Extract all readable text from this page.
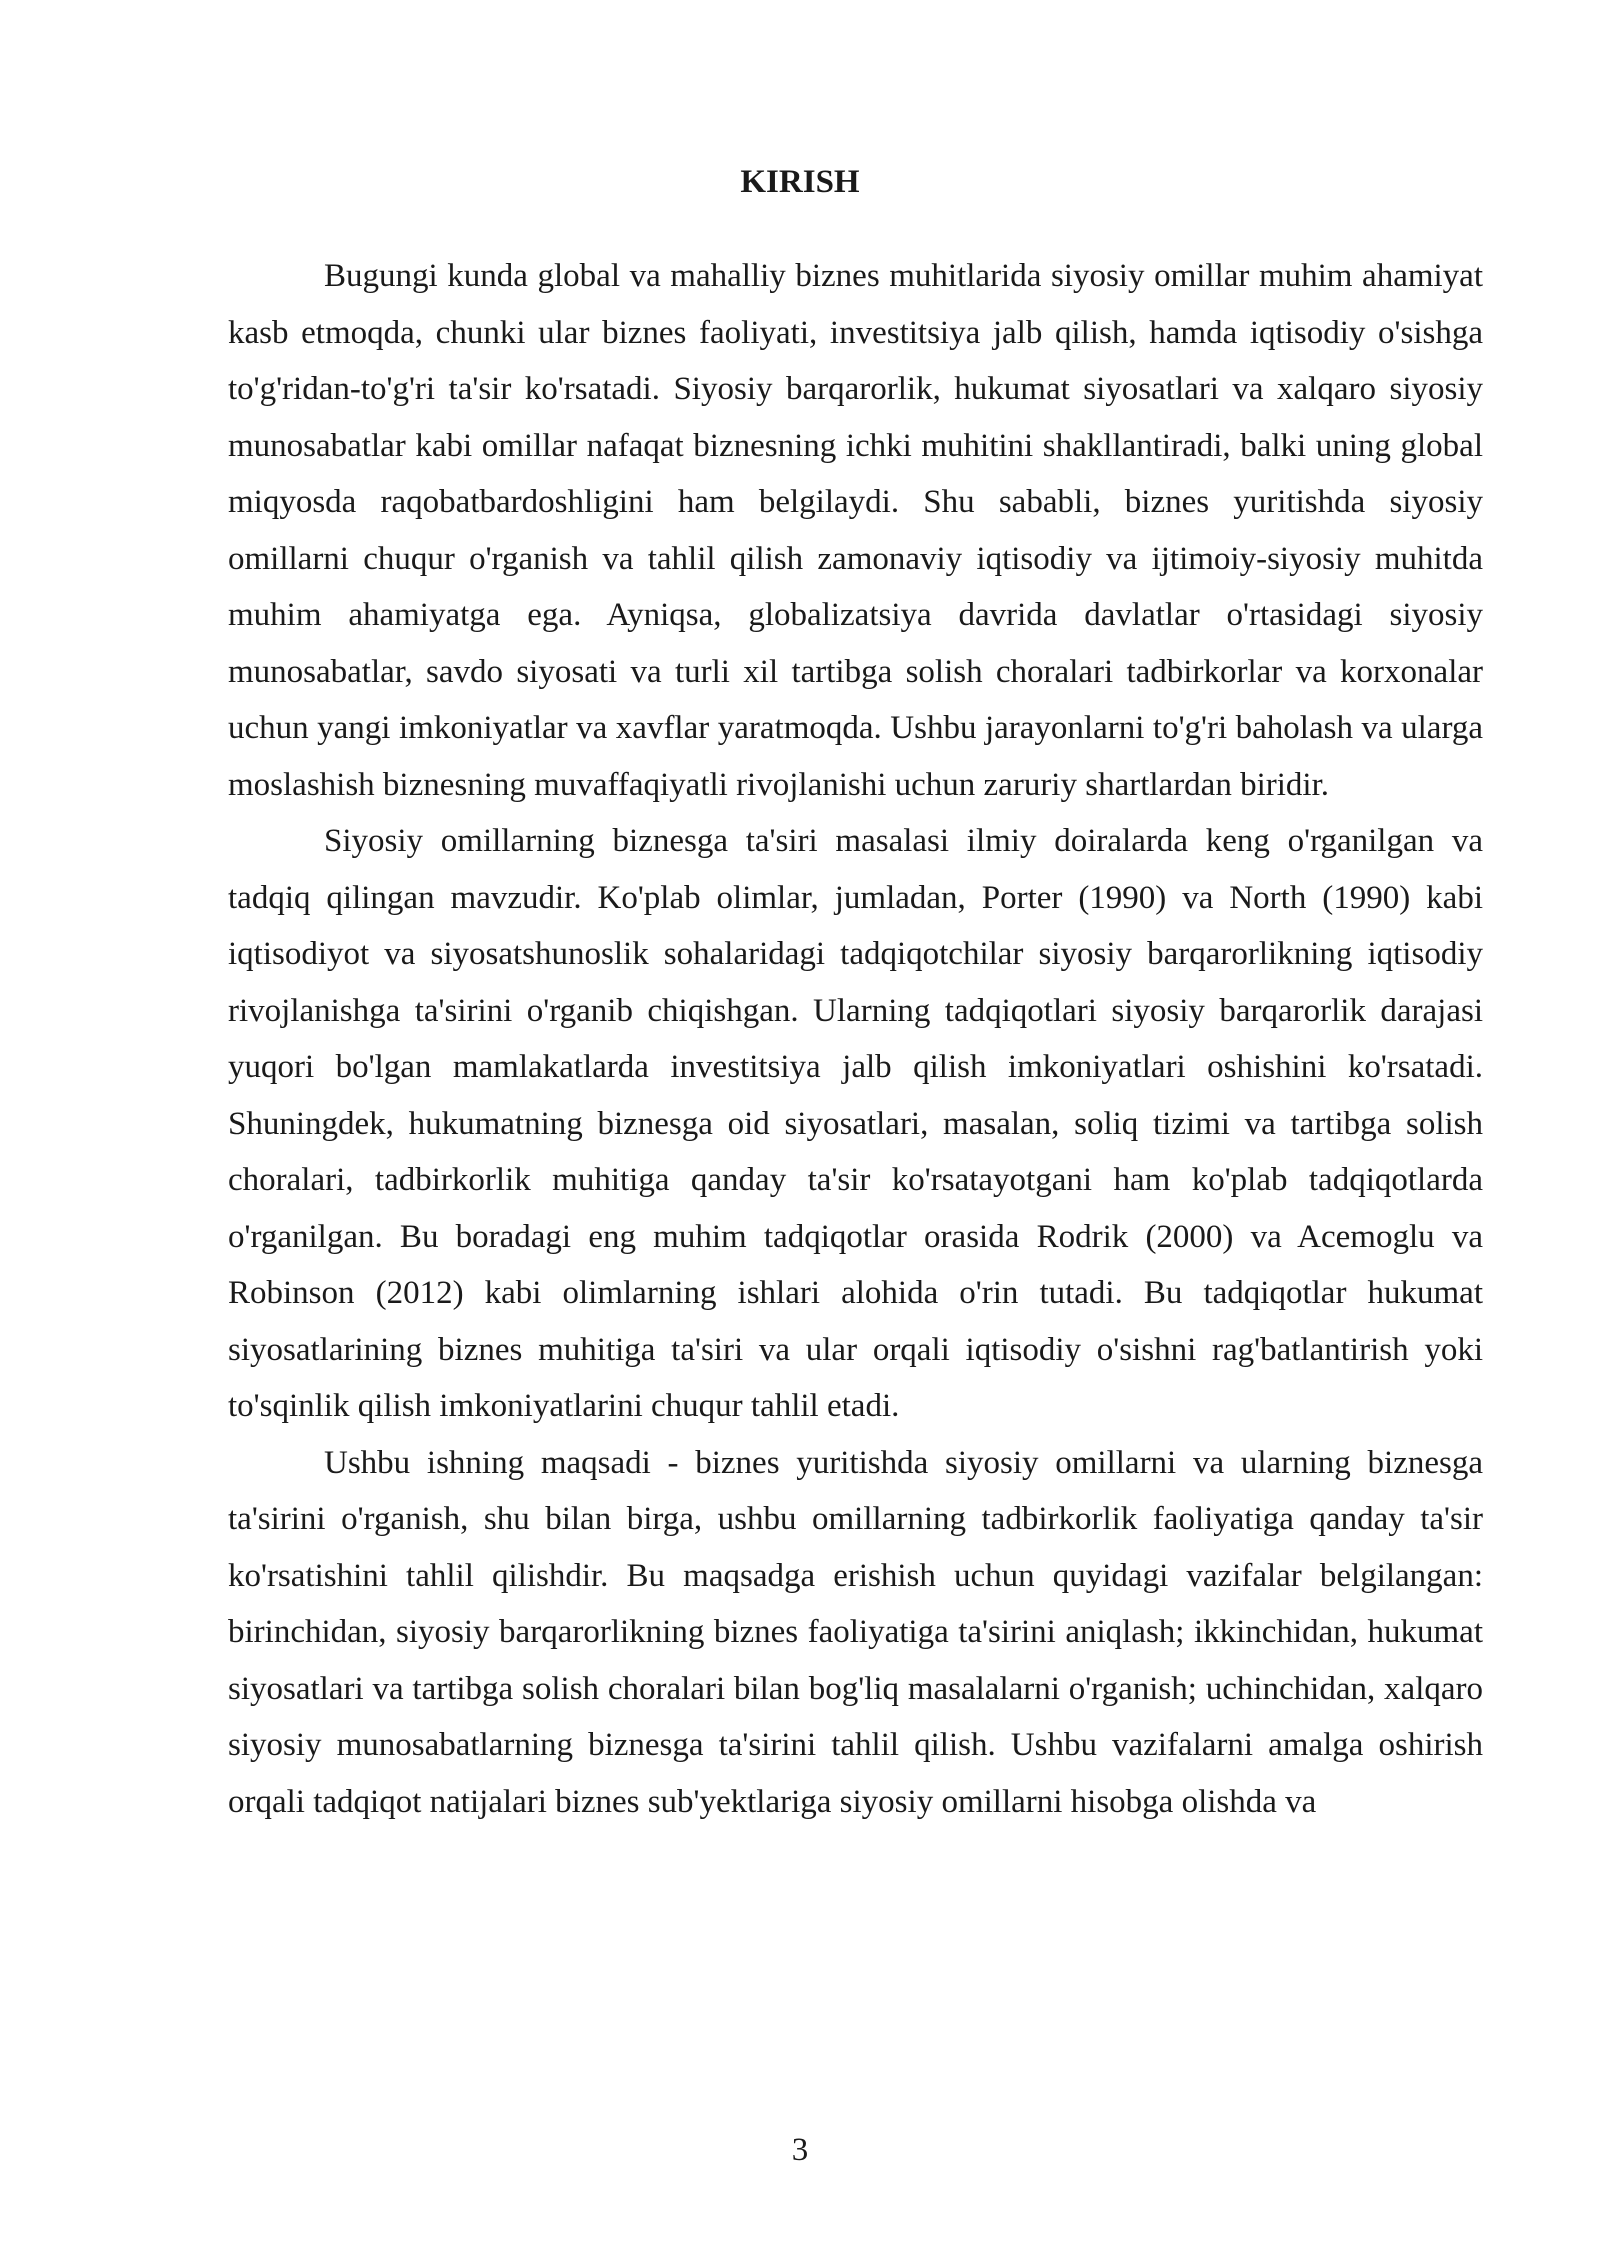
KIRISH

Bugungi kunda global va mahalliy biznes muhitlarida siyosiy omillar muhim ahamiyat kasb etmoqda, chunki ular biznes faoliyati, investitsiya jalb qilish, hamda iqtisodiy o'sishga to'g'ridan-to'g'ri ta'sir ko'rsatadi. Siyosiy barqarorlik, hukumat siyosatlari va xalqaro siyosiy munosabatlar kabi omillar nafaqat biznesning ichki muhitini shakllantiradi, balki uning global miqyosda raqobatbardoshligini ham belgilaydi. Shu sababli, biznes yuritishda siyosiy omillarni chuqur o'rganish va tahlil qilish zamonaviy iqtisodiy va ijtimoiy-siyosiy muhitda muhim ahamiyatga ega. Ayniqsa, globalizatsiya davrida davlatlar o'rtasidagi siyosiy munosabatlar, savdo siyosati va turli xil tartibga solish choralari tadbirkorlar va korxonalar uchun yangi imkoniyatlar va xavflar yaratmoqda. Ushbu jarayonlarni to'g'ri baholash va ularga moslashish biznesning muvaffaqiyatli rivojlanishi uchun zaruriy shartlardan biridir.

Siyosiy omillarning biznesga ta'siri masalasi ilmiy doiralarda keng o'rganilgan va tadqiq qilingan mavzudir. Ko'plab olimlar, jumladan, Porter (1990) va North (1990) kabi iqtisodiyot va siyosatshunoslik sohalaridagi tadqiqotchilar siyosiy barqarorlikning iqtisodiy rivojlanishga ta'sirini o'rganib chiqishgan. Ularning tadqiqotlari siyosiy barqarorlik darajasi yuqori bo'lgan mamlakatlarda investitsiya jalb qilish imkoniyatlari oshishini ko'rsatadi. Shuningdek, hukumatning biznesga oid siyosatlari, masalan, soliq tizimi va tartibga solish choralari, tadbirkorlik muhitiga qanday ta'sir ko'rsatayotgani ham ko'plab tadqiqotlarda o'rganilgan. Bu boradagi eng muhim tadqiqotlar orasida Rodrik (2000) va Acemoglu va Robinson (2012) kabi olimlarning ishlari alohida o'rin tutadi. Bu tadqiqotlar hukumat siyosatlarining biznes muhitiga ta'siri va ular orqali iqtisodiy o'sishni rag'batlantirish yoki to'sqinlik qilish imkoniyatlarini chuqur tahlil etadi.

Ushbu ishning maqsadi - biznes yuritishda siyosiy omillarni va ularning biznesga ta'sirini o'rganish, shu bilan birga, ushbu omillarning tadbirkorlik faoliyatiga qanday ta'sir ko'rsatishini tahlil qilishdir. Bu maqsadga erishish uchun quyidagi vazifalar belgilangan: birinchidan, siyosiy barqarorlikning biznes faoliyatiga ta'sirini aniqlash; ikkinchidan, hukumat siyosatlari va tartibga solish choralari bilan bog'liq masalalarni o'rganish; uchinchidan, xalqaro siyosiy munosabatlarning biznesga ta'sirini tahlil qilish. Ushbu vazifalarni amalga oshirish orqali tadqiqot natijalari biznes sub'yektlariga siyosiy omillarni hisobga olishda va

3
